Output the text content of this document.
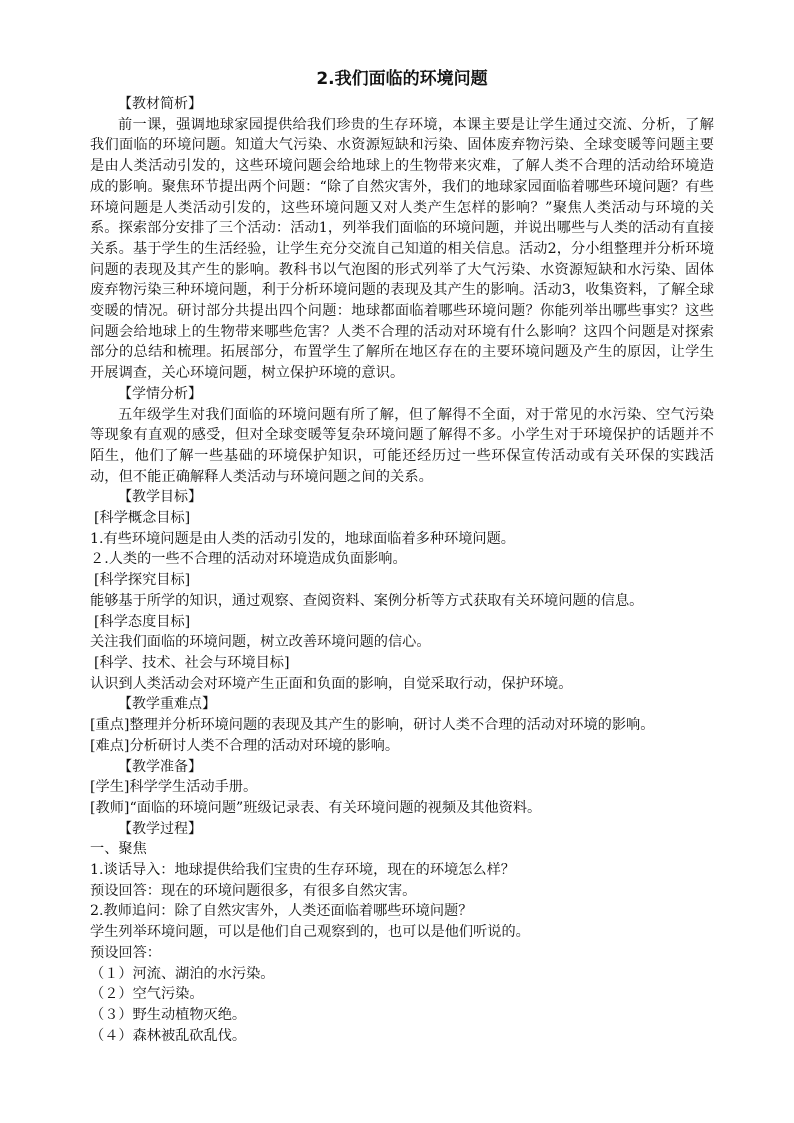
2.我们面临的环境问题
【教材简析】

前一课，强调地球家园提供给我们珍贵的生存环境，本课主要是让学生通过交流、分析，了解我们面临的环境问题。知道大气污染、水资源短缺和污染、固体废弃物污染、全球变暖等问题主要是由人类活动引发的，这些环境问题会给地球上的生物带来灾难，了解人类不合理的活动给环境造成的影响。聚焦环节提出两个问题：“除了自然灾害外，我们的地球家园面临着哪些环境问题？有些环境问题是人类活动引发的，这些环境问题又对人类产生怎样的影响？”聚焦人类活动与环境的关系。探索部分安排了三个活动：活动1，列举我们面临的环境问题，并说出哪些与人类的活动有直接关系。基于学生的生活经验，让学生充分交流自己知道的相关信息。活动2，分小组整理并分析环境问题的表现及其产生的影响。教科书以气泡图的形式列举了大气污染、水资源短缺和水污染、固体废弃物污染三种环境问题，利于分析环境问题的表现及其产生的影响。活动3，收集资料，了解全球变暖的情况。研讨部分共提出四个问题：地球都面临着哪些环境问题？你能列举出哪些事实？这些问题会给地球上的生物带来哪些危害？人类不合理的活动对环境有什么影响？这四个问题是对探索部分的总结和梳理。拓展部分，布置学生了解所在地区存在的主要环境问题及产生的原因，让学生开展调查，关心环境问题，树立保护环境的意识。

【学情分析】

五年级学生对我们面临的环境问题有所了解，但了解得不全面，对于常见的水污染、空气污染等现象有直观的感受，但对全球变暖等复杂环境问题了解得不多。小学生对于环境保护的话题并不陌生，他们了解一些基础的环境保护知识，可能还经历过一些环保宣传活动或有关环保的实践活动，但不能正确解释人类活动与环境问题之间的关系。

【教学目标】
[科学概念目标]
1.有些环境问题是由人类的活动引发的，地球面临着多种环境问题。
２.人类的一些不合理的活动对环境造成负面影响。
[科学探究目标]
能够基于所学的知识，通过观察、查阅资料、案例分析等方式获取有关环境问题的信息。
[科学态度目标]
关注我们面临的环境问题，树立改善环境问题的信心。
[科学、技术、社会与环境目标]
认识到人类活动会对环境产生正面和负面的影响，自觉采取行动，保护环境。
【教学重难点】
[重点]整理并分析环境问题的表现及其产生的影响，研讨人类不合理的活动对环境的影响。
[难点]分析研讨人类不合理的活动对环境的影响。
【教学准备】
[学生]科学学生活动手册。
[教师]“面临的环境问题”班级记录表、有关环境问题的视频及其他资料。
【教学过程】
一、聚焦
1.谈话导入：地球提供给我们宝贵的生存环境，现在的环境怎么样？
预设回答：现在的环境问题很多，有很多自然灾害。
2.教师追问：除了自然灾害外，人类还面临着哪些环境问题？
学生列举环境问题，可以是他们自己观察到的，也可以是他们听说的。
预设回答：
（１）河流、湖泊的水污染。
（２）空气污染。
（３）野生动植物灭绝。
（４）森林被乱砍乱伐。
